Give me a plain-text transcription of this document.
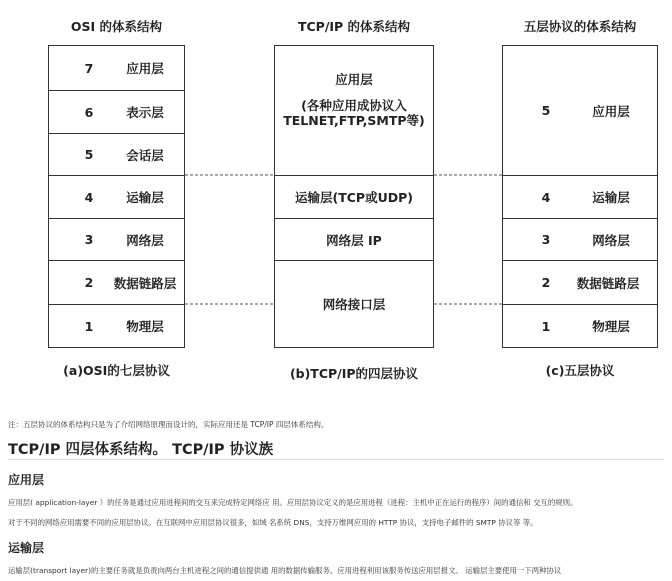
OSI 的体系结构	TCP/IP 的体系结构	五层协议的体系结构
7	应用层
6	表示层
5	会话层
4	运输层
3	网络层
2	数据链路层
1	物理层
应用层
(各种应用成协议入
TELNET,FTP,SMTP等)
运输层(TCP或UDP)
网络层 IP
网络接口层
5	应用层
4	运输层
3	网络层
2	数据链路层
1	物理层
(a)OSI的七层协议	(b)TCP/IP的四层协议	(c)五层协议
注：五层协议的体系结构只是为了介绍网络原理而设计的，实际应用还是 TCP/IP 四层体系结构。
TCP/IP 四层体系结构。 TCP/IP 协议族
应用层
应用层( application-layer ）的任务是通过应用进程间的交互来完成特定网络应 用。应用层协议定义的是应用进程（进程：主机中正在运行的程序）间的通信和 交互的规则。
对于不同的网络应用需要不同的应用层协议。在互联网中应用层协议很多，如域 名系统 DNS，支持万维网应用的 HTTP 协议，支持电子邮件的 SMTP 协议等 等。
运输层
运输层(transport layer)的主要任务就是负责向两台主机进程之间的通信提供通 用的数据传输服务。应用进程利用该服务传送应用层报文。 运输层主要使用一下两种协议
